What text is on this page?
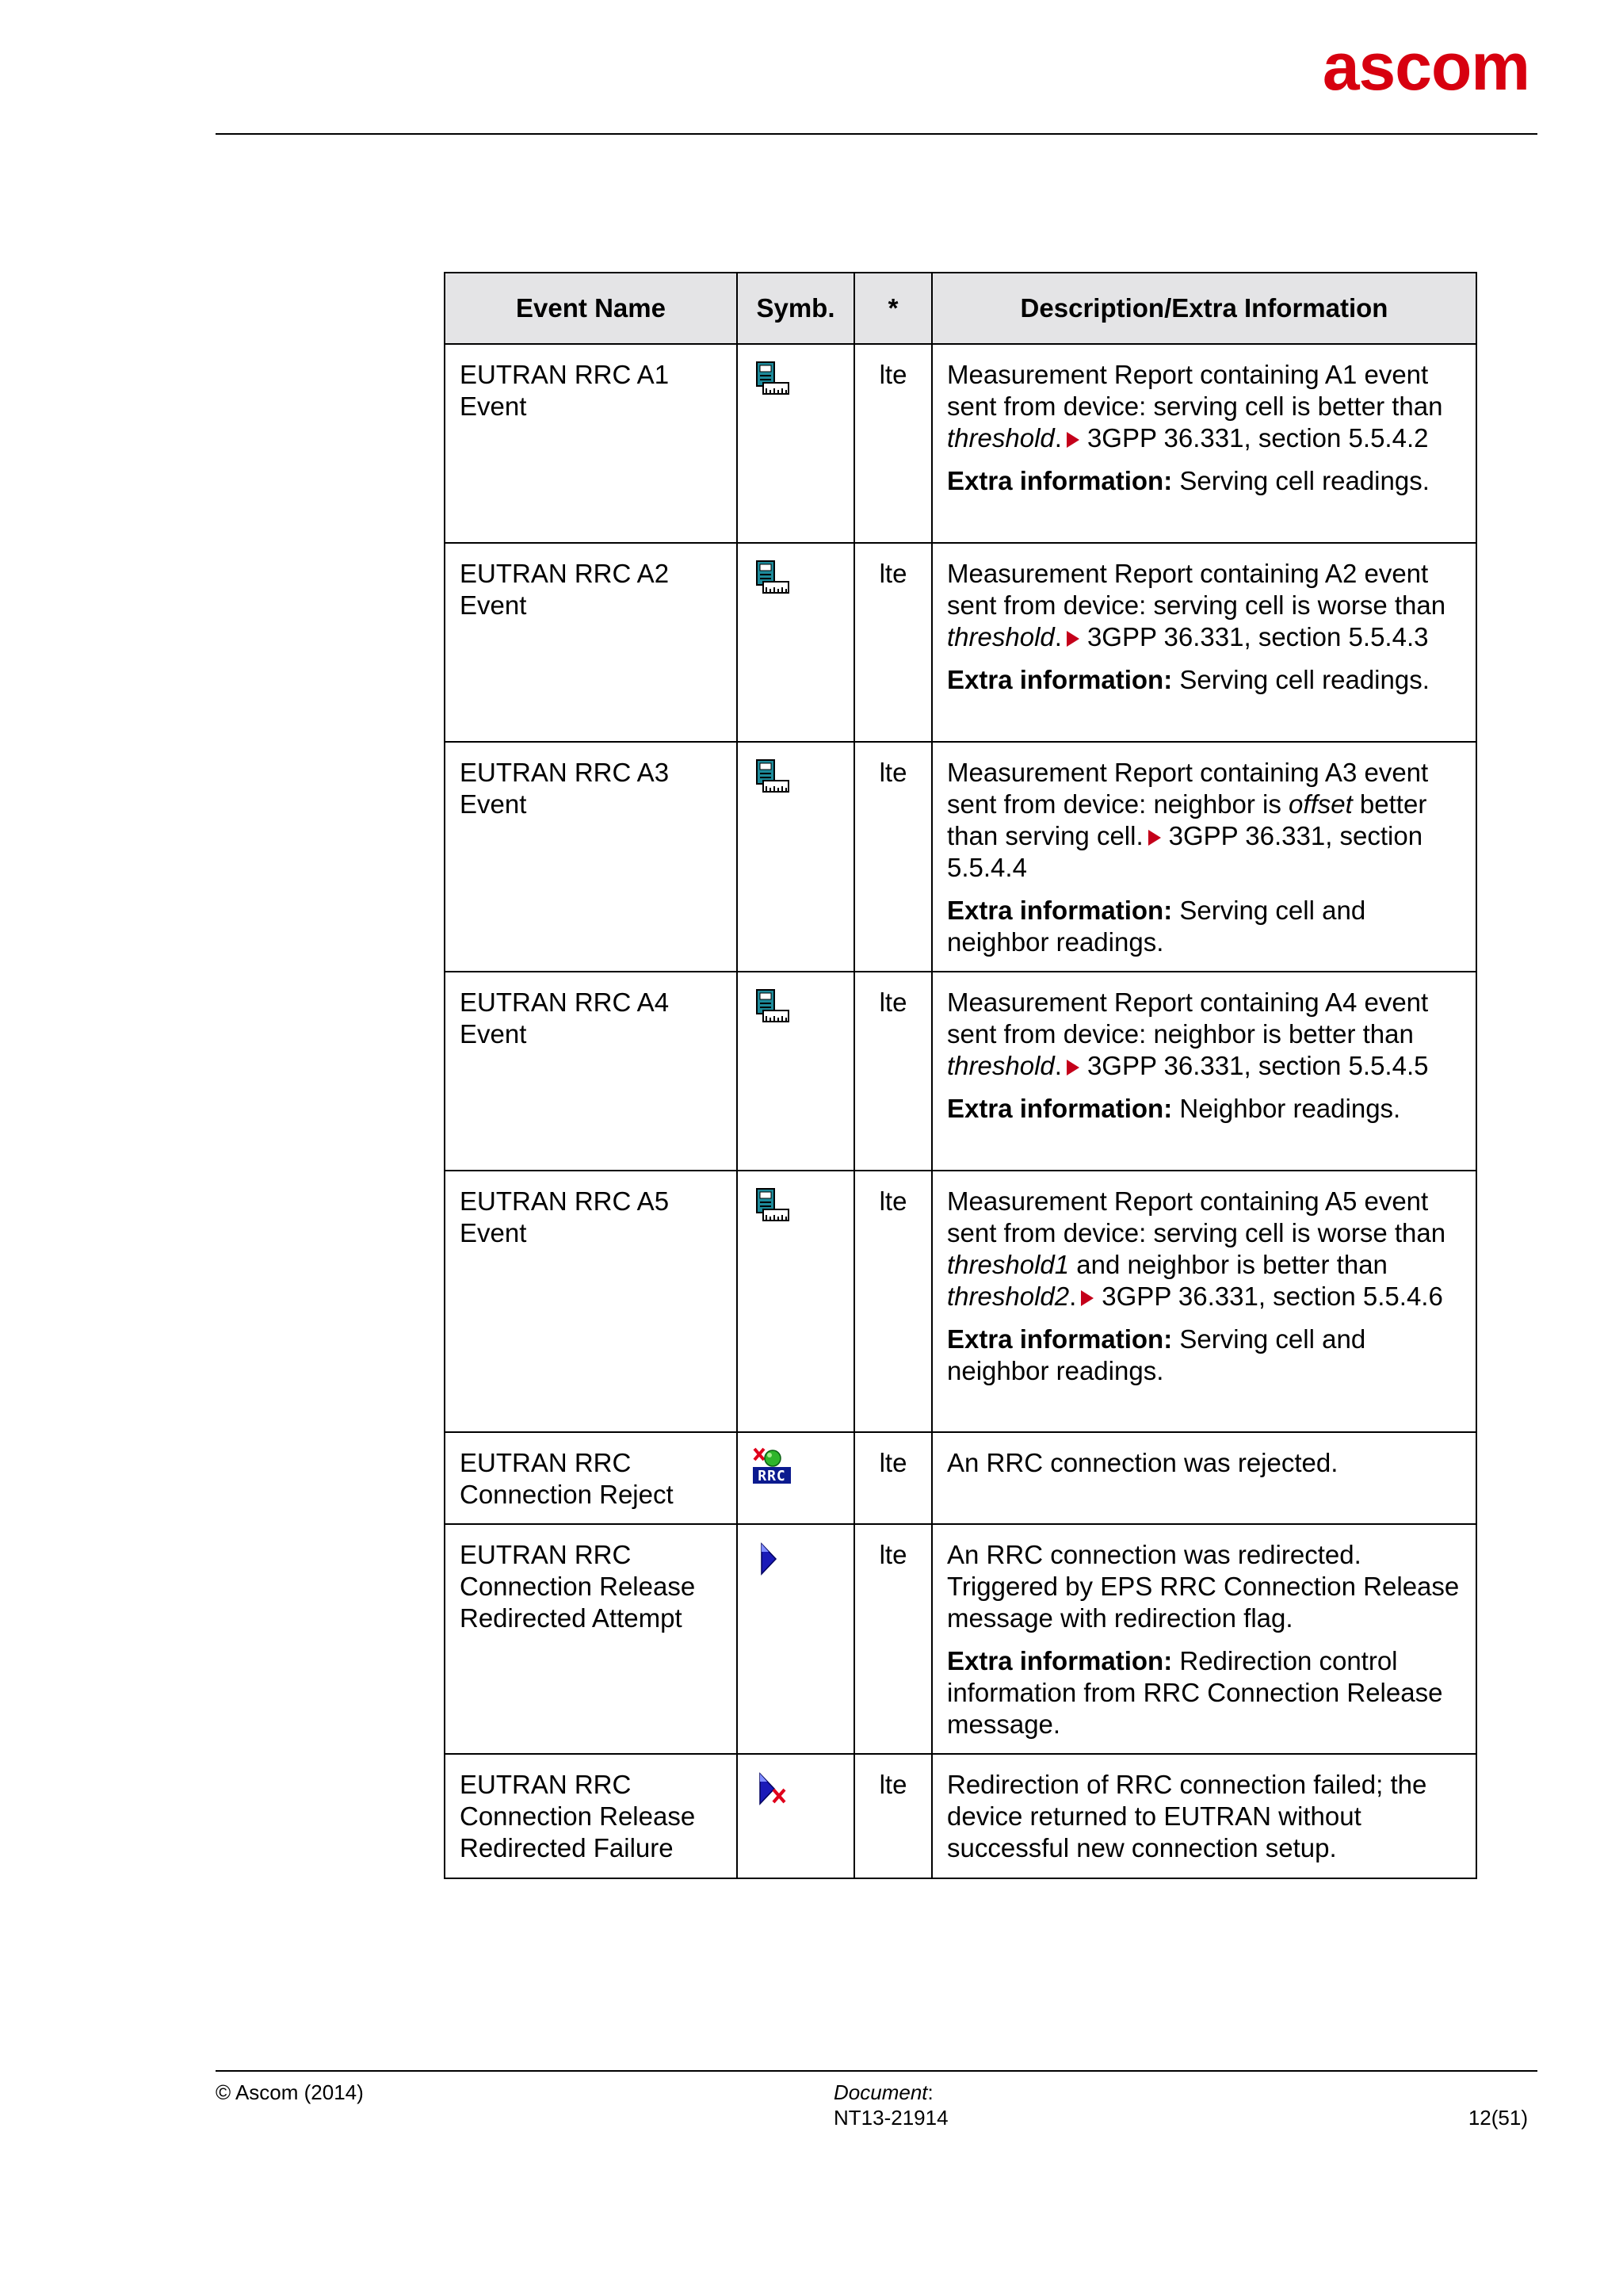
ascom
Event Name	Symb.	*	Description/Extra Information
EUTRAN RRC A1 Event		lte	Measurement Report containing A1 event sent from device: serving cell is better than threshold. 3GPP 36.331, section 5.5.4.2

Extra information: Serving cell readings.

EUTRAN RRC A2 Event		lte	Measurement Report containing A2 event sent from device: serving cell is worse than threshold. 3GPP 36.331, section 5.5.4.3

Extra information: Serving cell readings.

EUTRAN RRC A3 Event		lte	Measurement Report containing A3 event sent from device: neighbor is offset better than serving cell. 3GPP 36.331, section 5.5.4.4

Extra information: Serving cell and neighbor readings.

EUTRAN RRC A4 Event		lte	Measurement Report containing A4 event sent from device: neighbor is better than threshold. 3GPP 36.331, section 5.5.4.5

Extra information: Neighbor readings.

EUTRAN RRC A5 Event		lte	Measurement Report containing A5 event sent from device: serving cell is worse than threshold1 and neighbor is better than threshold2. 3GPP 36.331, section 5.5.4.6

Extra information: Serving cell and neighbor readings.

EUTRAN RRC Connection Reject	RRC	lte	An RRC connection was rejected.

EUTRAN RRC Connection Release Redirected Attempt		lte	An RRC connection was redirected. Triggered by EPS RRC Connection Release message with redirection flag.

Extra information: Redirection control information from RRC Connection Release message.

EUTRAN RRC Connection Release Redirected Failure		lte	Redirection of RRC connection failed; the device returned to EUTRAN without successful new connection setup.

© Ascom (2014)	Document:
NT13-21914	12(51)
